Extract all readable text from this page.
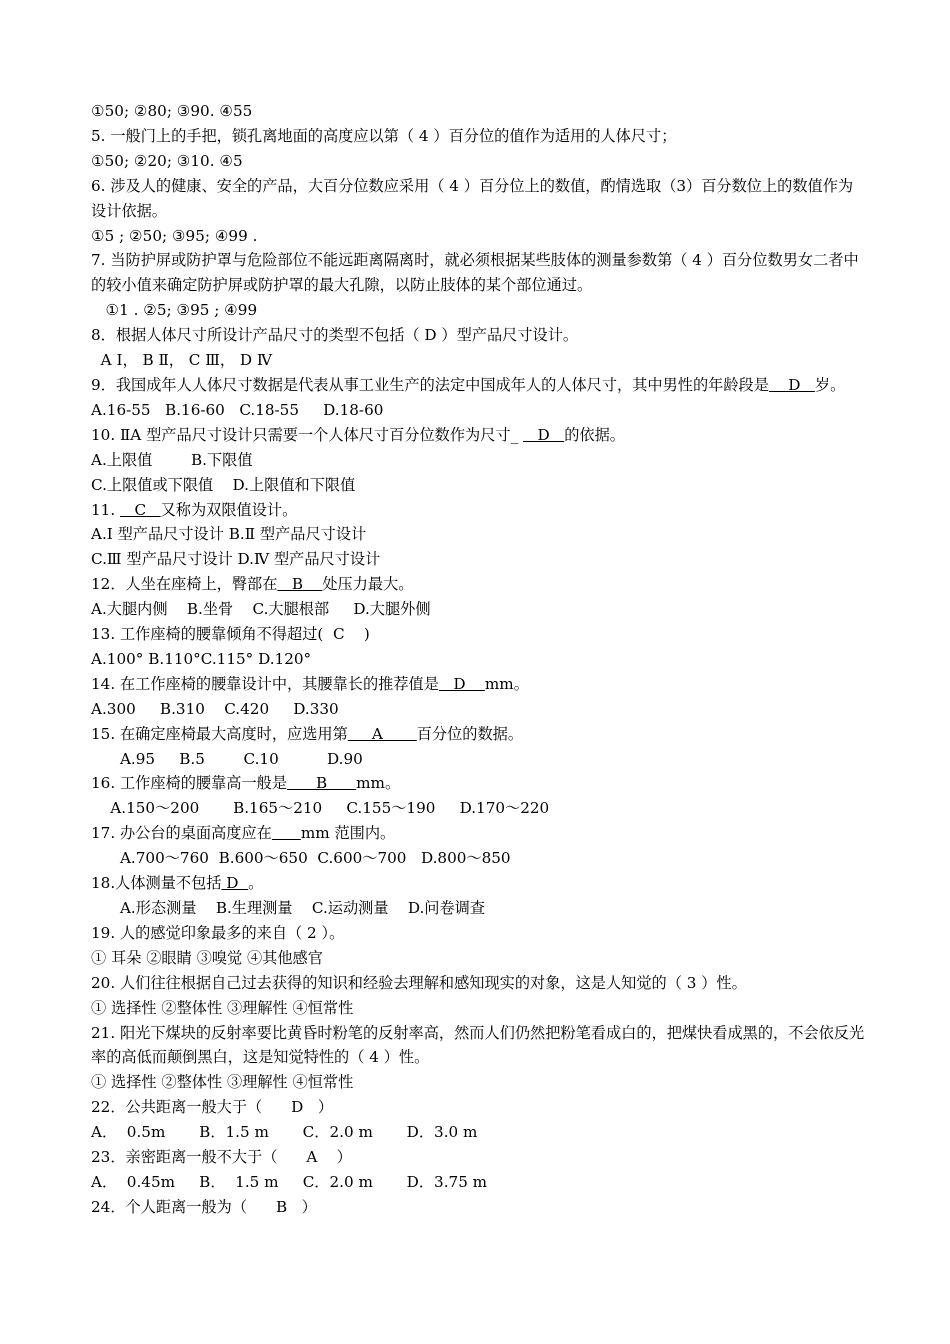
①50; ②80; ③90. ④55
5. 一般门上的手把，锁孔离地面的高度应以第（ 4 ）百分位的值作为适用的人体尺寸；
①50; ②20; ③10. ④5
6. 涉及人的健康、安全的产品，大百分位数应采用（ 4 ）百分位上的数值，酌情选取（3）百分数位上的数值作为设计依据。
①5 ; ②50; ③95; ④99 .
7. 当防护屏或防护罩与危险部位不能远距离隔离时，就必须根据某些肢体的测量参数第（ 4 ）百分位数男女二者中的较小值来确定防护屏或防护罩的最大孔隙，以防止肢体的某个部位通过。
①1 . ②5; ③95 ; ④99
8．根据人体尺寸所设计产品尺寸的类型不包括（ D ）型产品尺寸设计。
A Ⅰ， B Ⅱ， C Ⅲ， D Ⅳ
9．我国成年人人体尺寸数据是代表从事工业生产的法定中国成年人的人体尺寸，其中男性的年龄段是    D   岁。
A.16-55   B.16-60   C.18-55     D.18-60
10. ⅡA 型产品尺寸设计只需要一个人体尺寸百分位数作为尺寸_    D   的依据。
A.上限值        B.下限值
C.上限值或下限值    D.上限值和下限值
11.    C   又称为双限值设计。
A.Ⅰ 型产品尺寸设计 B.Ⅱ 型产品尺寸设计
C.Ⅲ 型产品尺寸设计 D.Ⅳ 型产品尺寸设计
12．人坐在座椅上，臀部在   B    处压力最大。
A.大腿内侧    B.坐骨    C.大腿根部     D.大腿外侧
13. 工作座椅的腰靠倾角不得超过(  C    )
A.100° B.110°C.115° D.120°
14. 在工作座椅的腰靠设计中，其腰靠长的推荐值是   D    mm。
A.300     B.310    C.420     D.330
15. 在确定座椅最大高度时，应选用第     A       百分位的数据。
A.95     B.5        C.10          D.90
16. 工作座椅的腰靠高一般是      B      mm。
A.150～200       B.165～210     C.155～190     D.170～220
17. 办公台的桌面高度应在 mm 范围内。
A.700～760  B.600～650  C.600～700   D.800～850
18.人体测量不包括 D  。
A.形态测量    B.生理测量    C.运动测量    D.问卷调查
19. 人的感觉印象最多的来自（ 2 ）。
① 耳朵 ②眼睛 ③嗅觉 ④其他感官
20. 人们往往根据自己过去获得的知识和经验去理解和感知现实的对象，这是人知觉的（ 3 ）性。
① 选择性 ②整体性 ③理解性 ④恒常性
21. 阳光下煤块的反射率要比黄昏时粉笔的反射率高，然而人们仍然把粉笔看成白的，把煤快看成黑的，不会依反光率的高低而颠倒黑白，这是知觉特性的（ 4 ）性。
① 选择性 ②整体性 ③理解性 ④恒常性
22．公共距离一般大于（      D   ）
A．  0.5m       B．1.5 m       C．2.0 m       D．3.0 m
23．亲密距离一般不大于（      A    ）
A．  0.45m     B．  1.5 m     C．2.0 m       D．3.75 m
24．个人距离一般为（      B   ）
